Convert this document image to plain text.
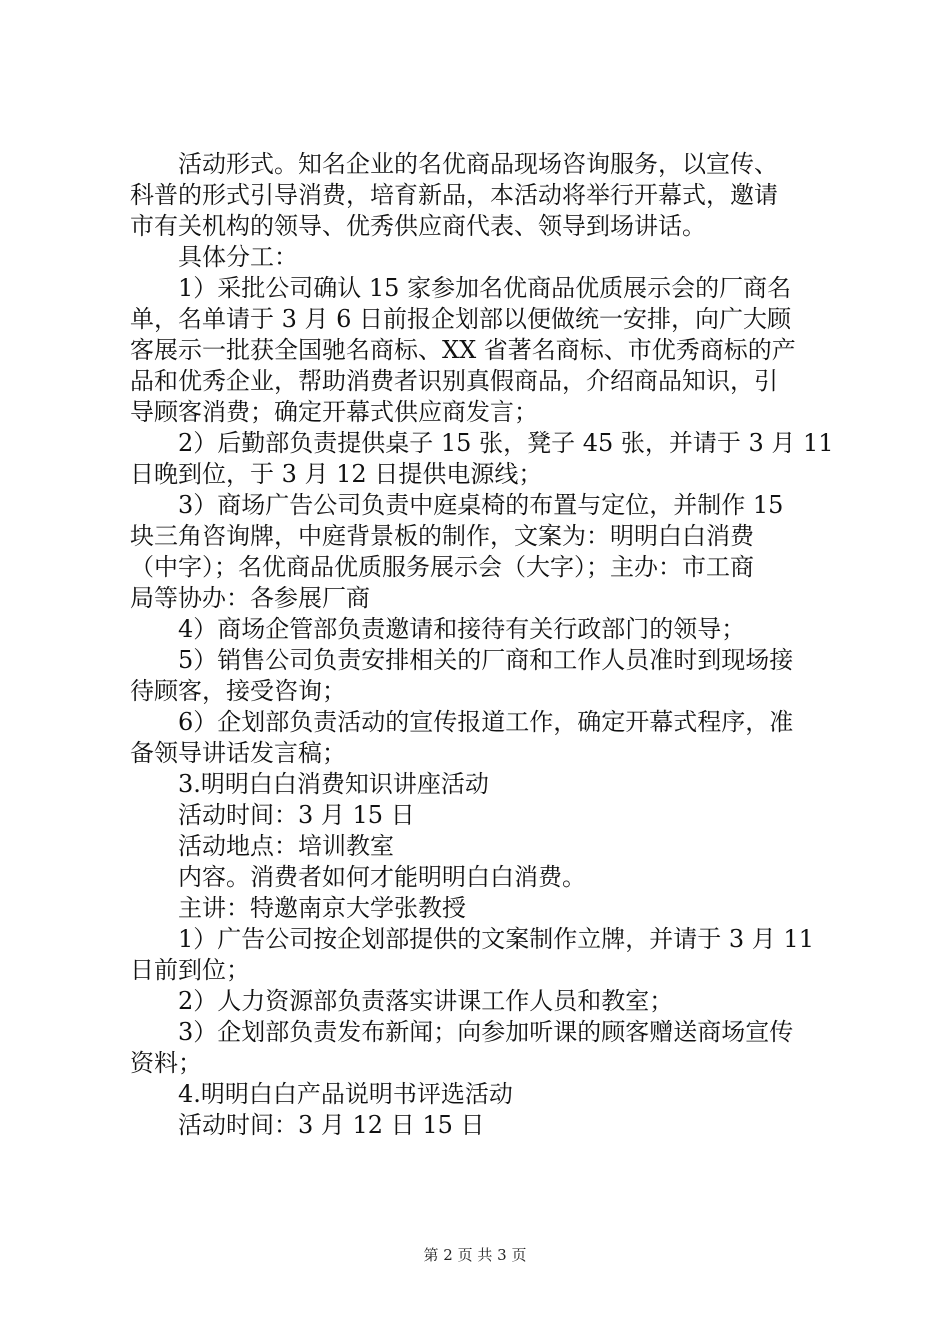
活动形式。知名企业的名优商品现场咨询服务，以宣传、
科普的形式引导消费，培育新品，本活动将举行开幕式，邀请
市有关机构的领导、优秀供应商代表、领导到场讲话。
具体分工：
1）采批公司确认 15 家参加名优商品优质展示会的厂商名
单，名单请于 3 月 6 日前报企划部以便做统一安排，向广大顾
客展示一批获全国驰名商标、XX 省著名商标、市优秀商标的产
品和优秀企业，帮助消费者识别真假商品，介绍商品知识，引
导顾客消费；确定开幕式供应商发言；
2）后勤部负责提供桌子 15 张，凳子 45 张，并请于 3 月 11
日晚到位，于 3 月 12 日提供电源线；
3）商场广告公司负责中庭桌椅的布置与定位，并制作 15
块三角咨询牌，中庭背景板的制作，文案为：明明白白消费
（中字）；名优商品优质服务展示会（大字）；主办：市工商
局等协办：各参展厂商
4）商场企管部负责邀请和接待有关行政部门的领导；
5）销售公司负责安排相关的厂商和工作人员准时到现场接
待顾客，接受咨询；
6）企划部负责活动的宣传报道工作，确定开幕式程序，准
备领导讲话发言稿；
3.明明白白消费知识讲座活动
活动时间：3 月 15 日
活动地点：培训教室
内容。消费者如何才能明明白白消费。
主讲：特邀南京大学张教授
1）广告公司按企划部提供的文案制作立牌，并请于 3 月 11
日前到位；
2）人力资源部负责落实讲课工作人员和教室；
3）企划部负责发布新闻；向参加听课的顾客赠送商场宣传
资料；
4.明明白白产品说明书评选活动
活动时间：3 月 12 日 15 日
第 2 页 共 3 页
